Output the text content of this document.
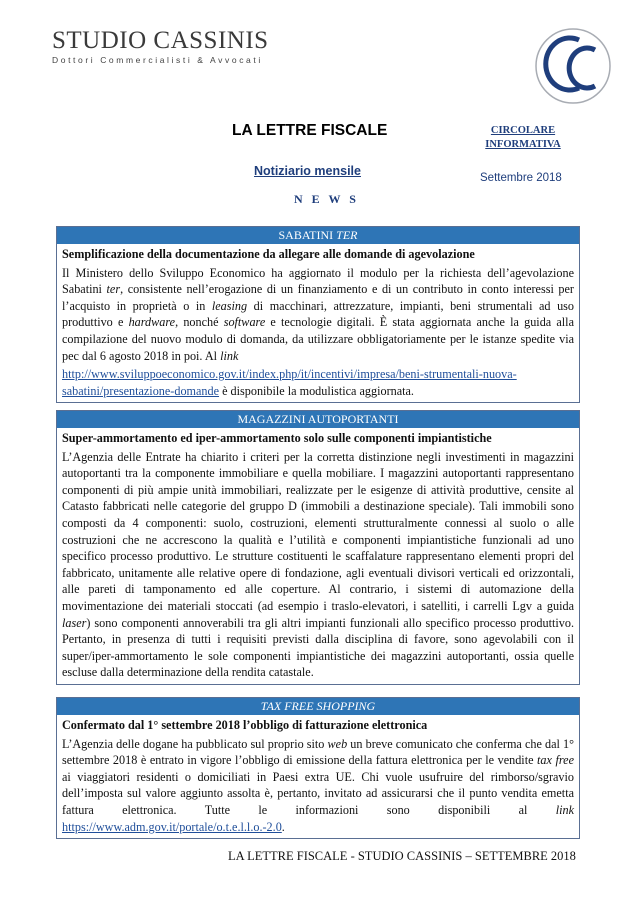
STUDIO CASSINIS
Dottori Commercialisti & Avvocati
LA LETTRE FISCALE	CIRCOLARE
INFORMATIVA
Notiziario mensile	Settembre 2018
N E W S
SABATINI TER
Semplificazione della documentazione da allegare alle domande di agevolazione

Il Ministero dello Sviluppo Economico ha aggiornato il modulo per la richiesta dell’agevolazione Sabatini ter, consistente nell’erogazione di un finanziamento e di un contributo in conto interessi per l’acquisto in proprietà o in leasing di macchinari, attrezzature, impianti, beni strumentali ad uso produttivo e hardware, nonché software e tecnologie digitali. È stata aggiornata anche la guida alla compilazione del nuovo modulo di domanda, da utilizzare obbligatoriamente per le istanze spedite via pec dal 6 agosto 2018 in poi. Al link

http://www.sviluppoeconomico.gov.it/index.php/it/incentivi/impresa/beni-strumentali-nuova-sabatini/presentazione-domande è disponibile la modulistica aggiornata.

MAGAZZINI AUTOPORTANTI
Super-ammortamento ed iper-ammortamento solo sulle componenti impiantistiche

L’Agenzia delle Entrate ha chiarito i criteri per la corretta distinzione negli investimenti in magazzini autoportanti tra la componente immobiliare e quella mobiliare. I magazzini autoportanti rappresentano componenti di più ampie unità immobiliari, realizzate per le esigenze di attività produttive, censite al Catasto fabbricati nelle categorie del gruppo D (immobili a destinazione speciale). Tali immobili sono composti da 4 componenti: suolo, costruzioni, elementi strutturalmente connessi al suolo o alle costruzioni che ne accrescono la qualità e l’utilità e componenti impiantistiche funzionali ad uno specifico processo produttivo. Le strutture costituenti le scaffalature rappresentano elementi propri del fabbricato, unitamente alle relative opere di fondazione, agli eventuali divisori verticali ed orizzontali, alle pareti di tamponamento ed alle coperture. Al contrario, i sistemi di automazione della movimentazione dei materiali stoccati (ad esempio i traslo-elevatori, i satelliti, i carrelli Lgv a guida laser) sono componenti annoverabili tra gli altri impianti funzionali allo specifico processo produttivo. Pertanto, in presenza di tutti i requisiti previsti dalla disciplina di favore, sono agevolabili con il super/iper-ammortamento le sole componenti impiantistiche dei magazzini autoportanti, ossia quelle escluse dalla determinazione della rendita catastale.

TAX FREE SHOPPING
Confermato dal 1° settembre 2018 l’obbligo di fatturazione elettronica

L’Agenzia delle dogane ha pubblicato sul proprio sito web un breve comunicato che conferma che dal 1° settembre 2018 è entrato in vigore l’obbligo di emissione della fattura elettronica per le vendite tax free ai viaggiatori residenti o domiciliati in Paesi extra UE. Chi vuole usufruire del rimborso/sgravio dell’imposta sul valore aggiunto assolta è, pertanto, invitato ad assicurarsi che il punto vendita emetta fattura elettronica. Tutte le informazioni sono disponibili al link https://www.adm.gov.it/portale/o.t.e.l.l.o.-2.0.

LA LETTRE FISCALE - STUDIO CASSINIS – SETTEMBRE 2018
